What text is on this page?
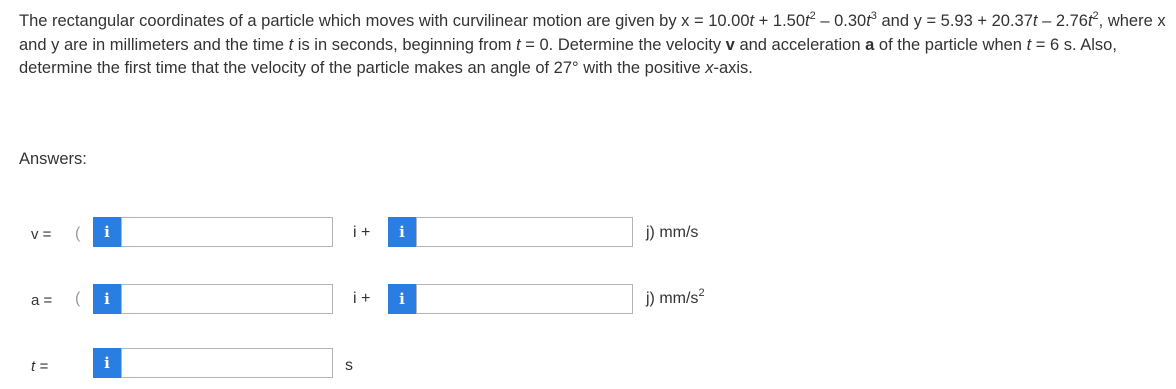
The rectangular coordinates of a particle which moves with curvilinear motion are given by $x = 10.00t + 1.50t^2 - 0.30t^3$ and $y = 5.93 + 20.37t - 2.76t^2$, where x and y are in millimeters and the time t is in seconds, beginning from t = 0. Determine the velocity v and acceleration a of the particle when t = 6 s. Also, determine the first time that the velocity of the particle makes an angle of 27° with the positive x-axis.
Answers:
v = ( i	i + i	j) mm/s
a = ( i	i + i	j) $mm/s^2$
t =	i	s
